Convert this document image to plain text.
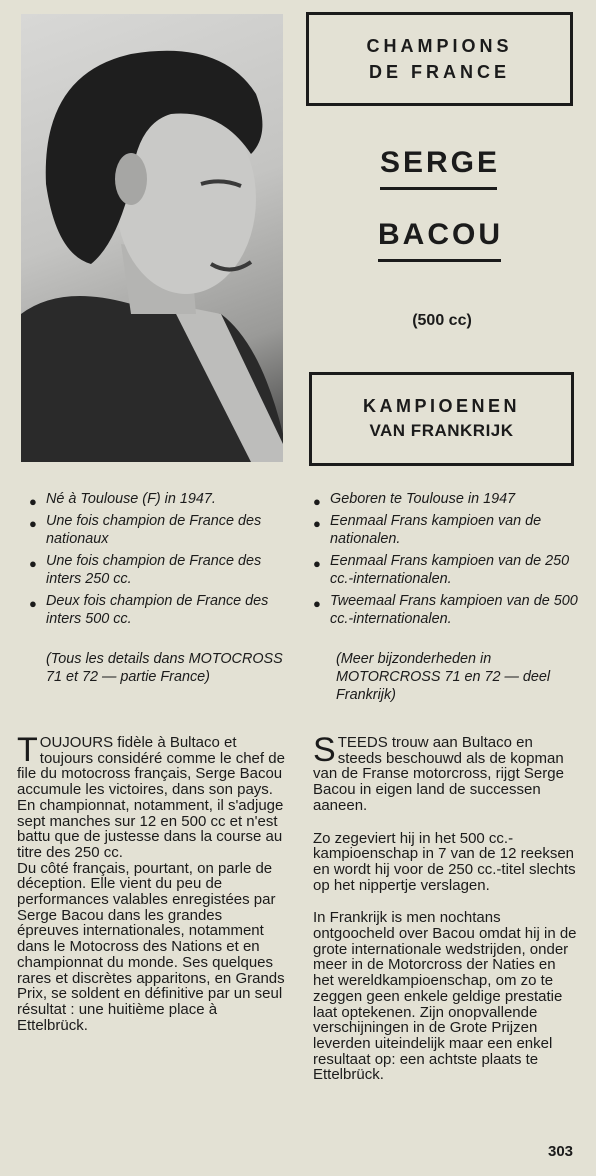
CHAMPIONS
DE FRANCE
SERGE
BACOU
(500 cc)
KAMPIOENEN
VAN FRANKRIJK
● Né à Toulouse (F) in 1947.
● Une fois champion de France des nationaux
● Une fois champion de France des inters 250 cc.
● Deux fois champion de France des inters 500 cc.
● Geboren te Toulouse in 1947
● Eenmaal Frans kampioen van de nationalen.
● Eenmaal Frans kampioen van de 250 cc.-internationalen.
● Tweemaal Frans kampioen van de 500 cc.-internationalen.
(Tous les details dans MOTOCROSS 71 et 72 — partie France)
(Meer bijzonderheden in MOTORCROSS 71 en 72 — deel Frankrijk)

TOUJOURS fidèle à Bultaco et toujours considéré comme le chef de file du motocross français, Serge Bacou accumule les victoires, dans son pays. En championnat, notamment, il s'adjuge sept manches sur 12 en 500 cc et n'est battu que de justesse dans la course au titre des 250 cc.

Du côté français, pourtant, on parle de déception. Elle vient du peu de performances valables enregistées par Serge Bacou dans les grandes épreuves internationales, notamment dans le Motocross des Nations et en championnat du monde. Ses quelques rares et discrètes apparitons, en Grands Prix, se soldent en définitive par un seul résultat : une huitième place à Ettelbrück.

STEEDS trouw aan Bultaco en steeds beschouwd als de kopman van de Franse motorcross, rijgt Serge Bacou in eigen land de successen aaneen.

Zo zegeviert hij in het 500 cc.-kampioenschap in 7 van de 12 reeksen en wordt hij voor de 250 cc.-titel slechts op het nippertje verslagen.

In Frankrijk is men nochtans ontgoocheld over Bacou omdat hij in de grote internationale wedstrijden, onder meer in de Motorcross der Naties en het wereldkampioenschap, om zo te zeggen geen enkele geldige prestatie laat optekenen. Zijn onopvallende verschijningen in de Grote Prijzen leverden uiteindelijk maar een enkel resultaat op: een achtste plaats te Ettelbrück.

303
